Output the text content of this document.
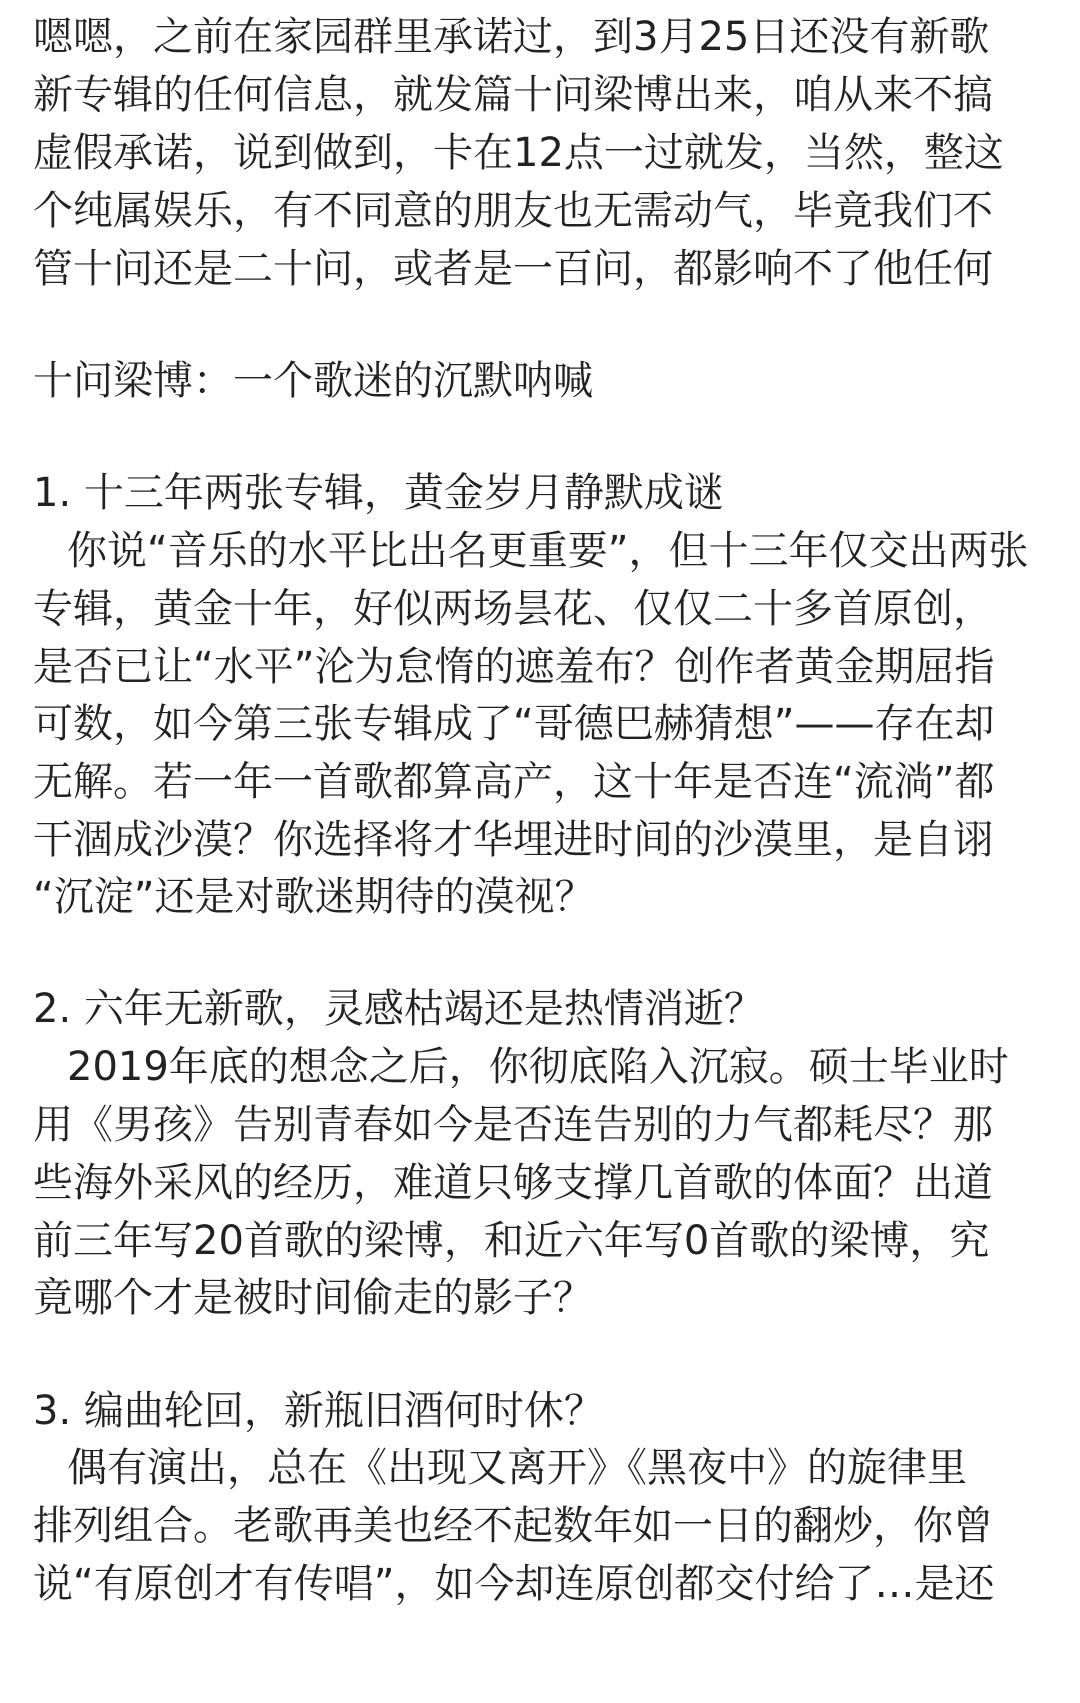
嗯嗯，之前在家园群里承诺过，到3月25日还没有新歌
新专辑的任何信息，就发篇十问梁博出来，咱从来不搞
虚假承诺，说到做到，卡在12点一过就发，当然，整这
个纯属娱乐，有不同意的朋友也无需动气，毕竟我们不
管十问还是二十问，或者是一百问，都影响不了他任何
十问梁博：一个歌迷的沉默呐喊
1. 十三年两张专辑，黄金岁月静默成谜
你说“音乐的水平比出名更重要”，但十三年仅交出两张
专辑，黄金十年，好似两场昙花、仅仅二十多首原创，
是否已让“水平”沦为怠惰的遮羞布？创作者黄金期屈指
可数，如今第三张专辑成了“哥德巴赫猜想”——存在却
无解。若一年一首歌都算高产，这十年是否连“流淌”都
干涸成沙漠？你选择将才华埋进时间的沙漠里，是自诩
“沉淀”还是对歌迷期待的漠视？
2. 六年无新歌，灵感枯竭还是热情消逝？
2019年底的想念之后，你彻底陷入沉寂。硕士毕业时
用《男孩》告别青春如今是否连告别的力气都耗尽？那
些海外采风的经历，难道只够支撑几首歌的体面？出道
前三年写20首歌的梁博，和近六年写0首歌的梁博，究
竟哪个才是被时间偷走的影子？
3. 编曲轮回，新瓶旧酒何时休？
偶有演出，总在《出现又离开》《黑夜中》的旋律里
排列组合。老歌再美也经不起数年如一日的翻炒，你曾
说“有原创才有传唱”，如今却连原创都交付给了…是还
